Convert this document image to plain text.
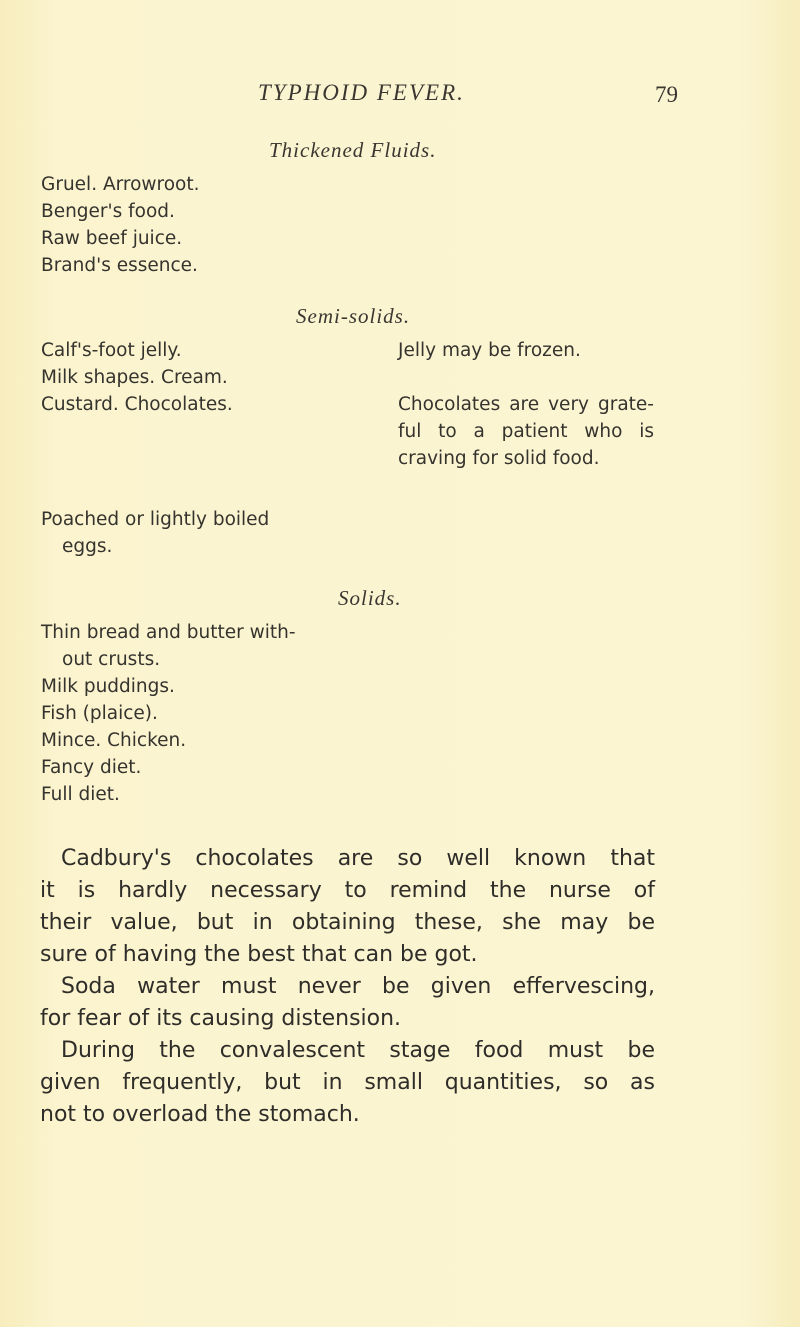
TYPHOID FEVER.	79
Thickened Fluids.
Gruel. Arrowroot.
Benger's food.
Raw beef juice.
Brand's essence.
Semi-solids.
Calf's-foot jelly.
Milk shapes. Cream.
Custard. Chocolates.
Poached or lightly boiled
eggs.
Jelly may be frozen.
Chocolates are very grate-
ful to a patient who is
craving for solid food.
Solids.
Thin bread and butter with-
out crusts.
Milk puddings.
Fish (plaice).
Mince. Chicken.
Fancy diet.
Full diet.
Cadbury's chocolates are so well known that
it is hardly necessary to remind the nurse of
their value, but in obtaining these, she may be
sure of having the best that can be got.
Soda water must never be given effervescing,
for fear of its causing distension.
During the convalescent stage food must be
given frequently, but in small quantities, so as
not to overload the stomach.
